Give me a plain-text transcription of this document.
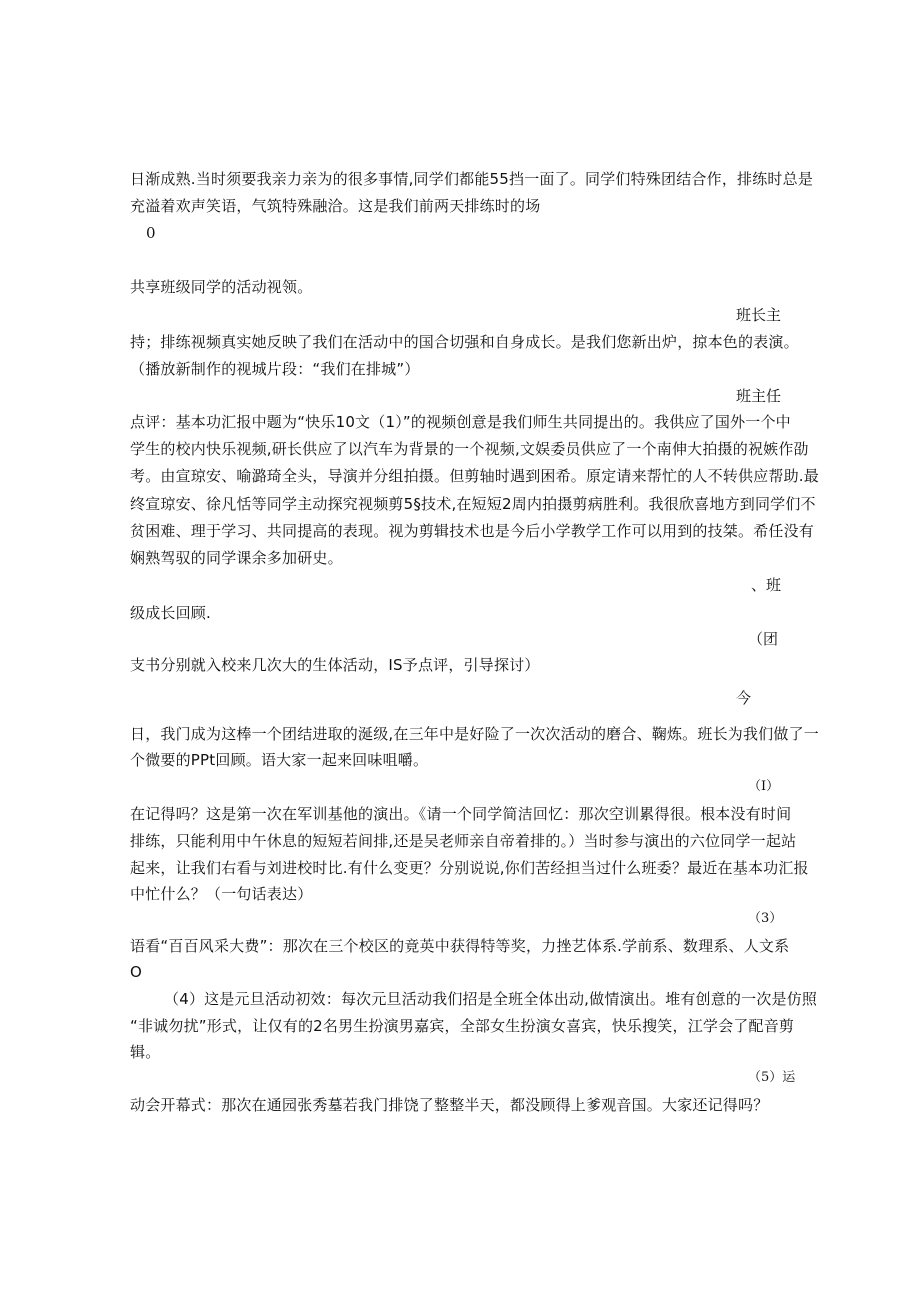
日渐成熟.当时须要我亲力亲为的很多事情,同学们都能55挡一面了。同学们特殊团结合作，排练时总是
充溢着欢声笑语，气筑特殊融洽。这是我们前两天排练时的场
0
共享班级同学的活动视领。
班长主
持；排练视频真实她反映了我们在活动中的国合切强和自身成长。是我们您新出炉，掠本色的表演。
（播放新制作的视城片段：“我们在排城”）
班主任
点评：基本功汇报中题为“快乐10文（1）”的视频创意是我们师生共同提出的。我供应了国外一个中
学生的校内快乐视频,研长供应了以汽车为背景的一个视频,文娱委员供应了一个南伸大拍摄的祝嫉作劭
考。由宣琼安、喻潞琦全头，导演并分组拍摄。但剪轴时遇到困希。原定请来帮忙的人不转供应帮助.最
终宣琼安、徐凡恬等同学主动探究视频剪5§技术,在短短2周内拍摄剪病胜利。我很欣喜地方到同学们不
贫困难、理于学习、共同提高的表现。视为剪辑技术也是今后小学教学工作可以用到的技桀。希任没有
娴熟驾驭的同学课余多加研史。
、班
级成长回顾.
（团
支书分别就入校来几次大的生体活动，IS予点评，引导探讨）
今
日，我门成为这棒一个团结进取的涎级,在三年中是好险了一次次活动的磨合、鞠炼。班长为我们做了一
个微要的PPt回顾。语大家一起来回味咀嚼。
（I）
在记得吗？这是第一次在军训基他的演出。《请一个同学简洁回忆：那次空训累得很。根本没有时间
排练，只能利用中午休息的短短若间排,还是吴老师亲自帝着排的。）当时参与演出的六位同学一起站
起来，让我们右看与刘进校时比.有什么变更？分别说说,你们苦经担当过什么班委？最近在基本功汇报
中忙什么？（一句话表达）
（3）
语看“百百风采大费”：那次在三个校区的竟英中获得特等奖，力挫艺体系.学前系、数理系、人文系
O
（4）这是元旦活动初效：每次元旦活动我们招是全班全体出动,做情演出。堆有创意的一次是仿照
“非诚勿扰”形式，让仅有的2名男生扮演男嘉宾，全部女生扮演女喜宾，快乐搜笑，江学会了配音剪
辑。
（5）运
动会开幕式：那次在通园张秀墓若我门排饶了整整半天，都没顾得上爹观音国。大家还记得吗？
